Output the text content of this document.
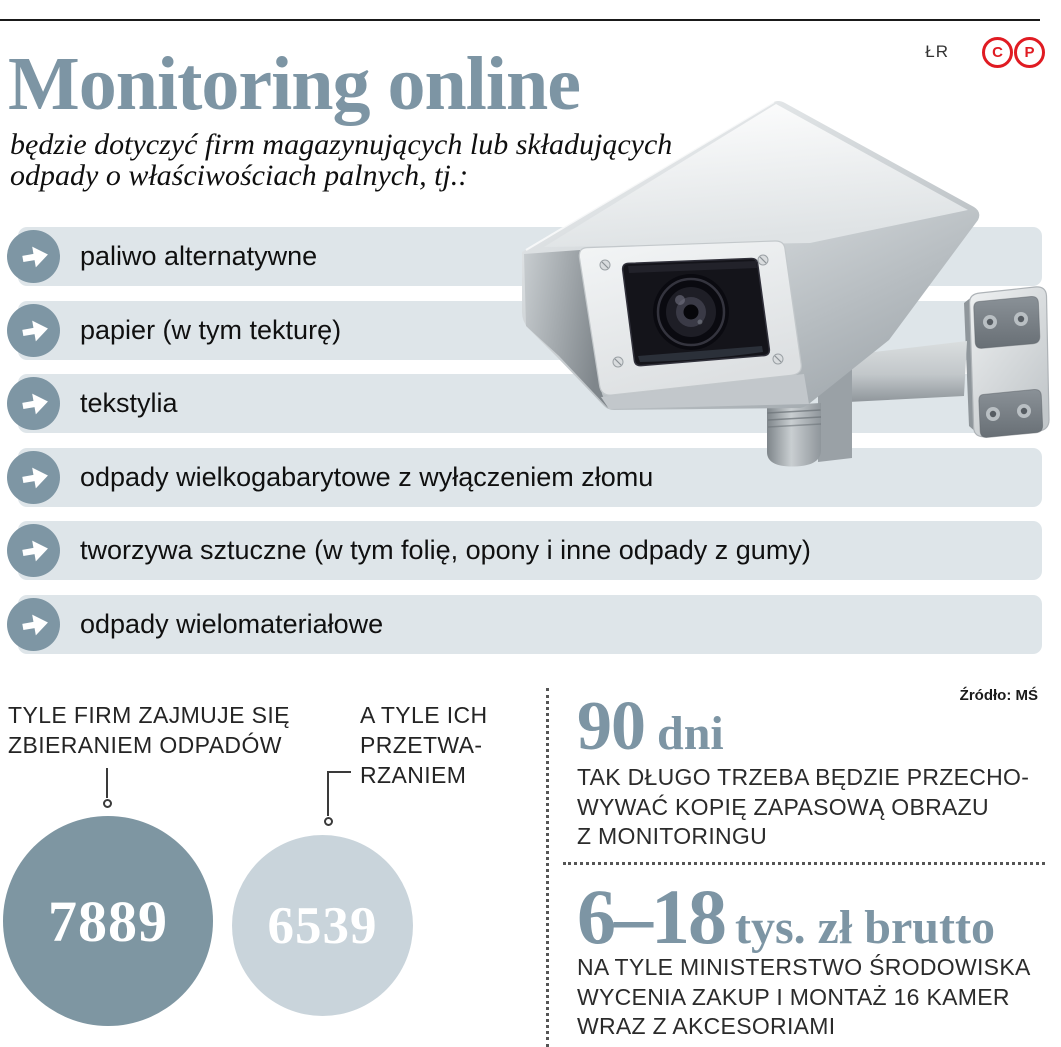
ŁR	C	P
Monitoring online
będzie dotyczyć firm magazynujących lub składujących
odpady o właściwościach palnych, tj.:
paliwo alternatywne
papier (w tym tekturę)
tekstylia
odpady wielkogabarytowe z wyłączeniem złomu
tworzywa sztuczne (w tym folię, opony i inne odpady z gumy)
odpady wielomateriałowe
Źródło: MŚ
TYLE FIRM ZAJMUJE SIĘ
ZBIERANIEM ODPADÓW
A TYLE ICH
PRZETWA-
RZANIEM
7889 6539
90 dni
TAK DŁUGO TRZEBA BĘDZIE PRZECHO-
WYWAĆ KOPIĘ ZAPASOWĄ OBRAZU
Z MONITORINGU
6–18 tys. zł brutto
NA TYLE MINISTERSTWO ŚRODOWISKA
WYCENIA ZAKUP I MONTAŻ 16 KAMER
WRAZ Z AKCESORIAMI
